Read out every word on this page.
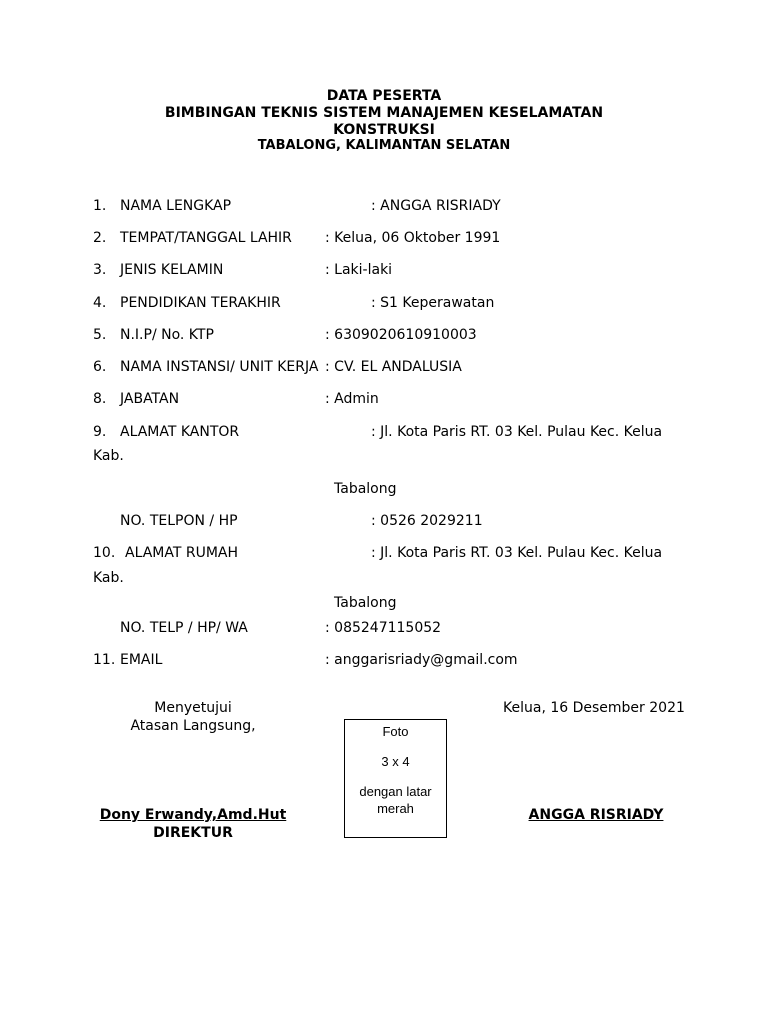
DATA PESERTA
BIMBINGAN TEKNIS SISTEM MANAJEMEN KESELAMATAN
KONSTRUKSI
TABALONG, KALIMANTAN SELATAN
1. NAMA LENGKAP	: ANGGA RISRIADY
2. TEMPAT/TANGGAL LAHIR : Kelua, 06 Oktober 1991
3. JENIS KELAMIN	: Laki-laki
4. PENDIDIKAN TERAKHIR	: S1 Keperawatan
5. N.I.P/ No. KTP	: 6309020610910003
6. NAMA INSTANSI/ UNIT KERJA : CV. EL ANDALUSIA
8. JABATAN	: Admin
9. ALAMAT KANTOR	: Jl. Kota Paris RT. 03 Kel. Pulau Kec. Kelua
Kab.
Tabalong
NO. TELPON / HP	: 0526 2029211
10. ALAMAT RUMAH	: Jl. Kota Paris RT. 03 Kel. Pulau Kec. Kelua
Kab.
Tabalong
NO. TELP / HP/ WA	: 085247115052
11. EMAIL	: anggarisriady@gmail.com
Menyetujui
Atasan Langsung,
Dony Erwandy,Amd.Hut
DIREKTUR
Foto
3 x 4
dengan latar
merah
Kelua, 16 Desember 2021
ANGGA RISRIADY
